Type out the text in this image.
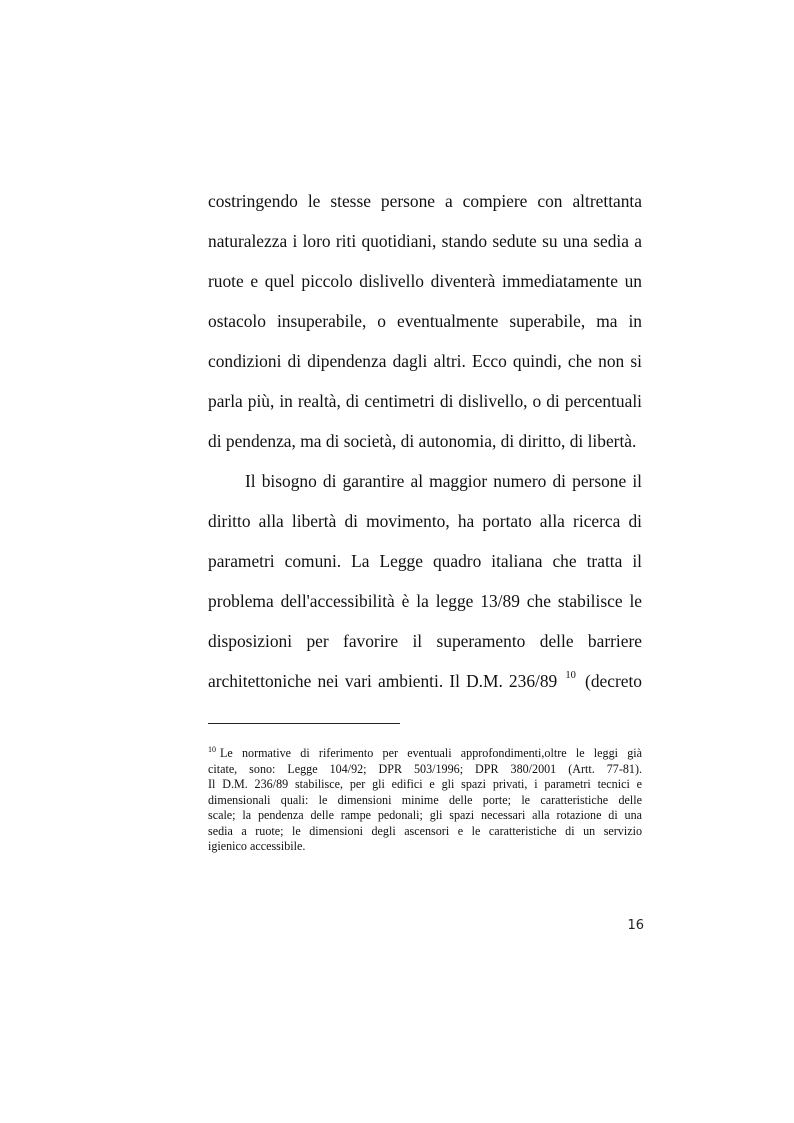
costringendo le stesse persone a compiere con altrettanta
naturalezza i loro riti quotidiani, stando sedute su una sedia a
ruote e quel piccolo dislivello diventerà immediatamente un
ostacolo insuperabile, o eventualmente superabile, ma in
condizioni di dipendenza dagli altri. Ecco quindi, che non si
parla più, in realtà, di centimetri di dislivello, o di percentuali
di pendenza, ma di società, di autonomia, di diritto, di libertà.
Il bisogno di garantire al maggior numero di persone il
diritto alla libertà di movimento, ha portato alla ricerca di
parametri comuni. La Legge quadro italiana che tratta il
problema dell'accessibilità è la legge 13/89 che stabilisce le
disposizioni per favorire il superamento delle barriere
architettoniche nei vari ambienti. Il D.M. 236/89 $^{10}$ (decreto
$^{10}$ Le normative di riferimento per eventuali approfondimenti,oltre le leggi già
citate, sono: Legge 104/92; DPR 503/1996; DPR 380/2001 (Artt. 77-81).
Il D.M. 236/89 stabilisce, per gli edifici e gli spazi privati, i parametri tecnici e
dimensionali quali: le dimensioni minime delle porte; le caratteristiche delle
scale; la pendenza delle rampe pedonali; gli spazi necessari alla rotazione di una
sedia a ruote; le dimensioni degli ascensori e le caratteristiche di un servizio
igienico accessibile.
16
